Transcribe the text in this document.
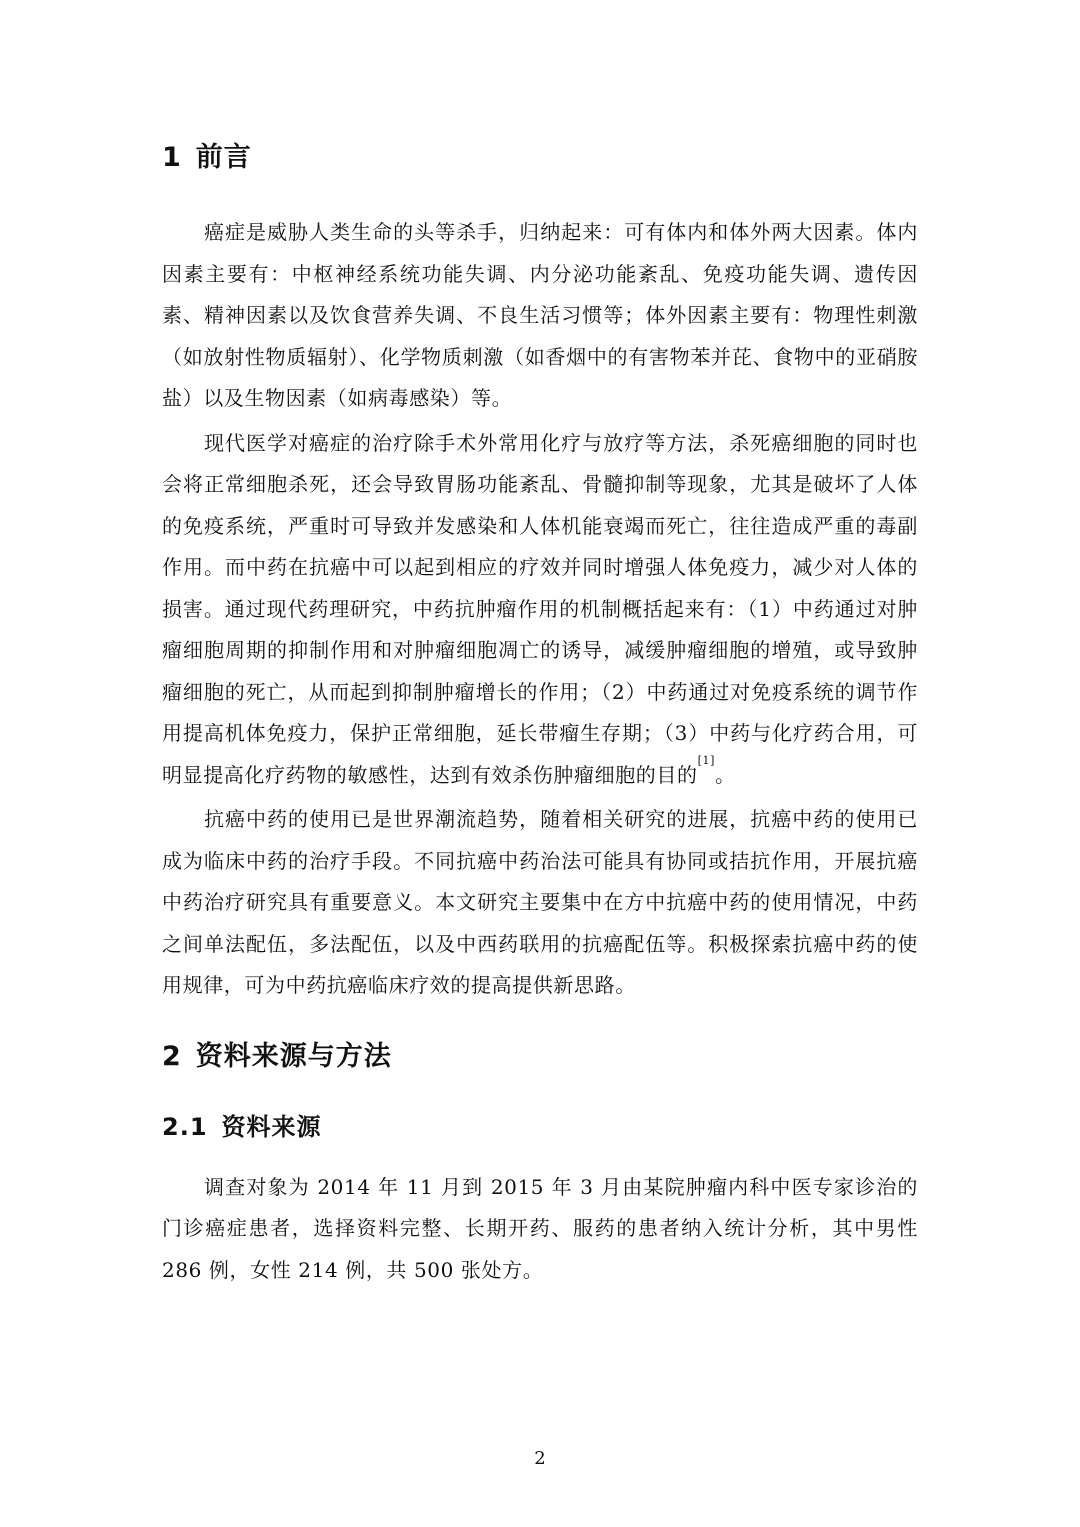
1 前言

癌症是威胁人类生命的头等杀手，归纳起来：可有体内和体外两大因素。体内因素主要有：中枢神经系统功能失调、内分泌功能紊乱、免疫功能失调、遗传因素、精神因素以及饮食营养失调、不良生活习惯等；体外因素主要有：物理性刺激（如放射性物质辐射）、化学物质刺激（如香烟中的有害物苯并芘、食物中的亚硝胺盐）以及生物因素（如病毒感染）等。

现代医学对癌症的治疗除手术外常用化疗与放疗等方法，杀死癌细胞的同时也会将正常细胞杀死，还会导致胃肠功能紊乱、骨髓抑制等现象，尤其是破坏了人体的免疫系统，严重时可导致并发感染和人体机能衰竭而死亡，往往造成严重的毒副作用。而中药在抗癌中可以起到相应的疗效并同时增强人体免疫力，减少对人体的损害。通过现代药理研究，中药抗肿瘤作用的机制概括起来有：（1）中药通过对肿瘤细胞周期的抑制作用和对肿瘤细胞凋亡的诱导，减缓肿瘤细胞的增殖，或导致肿瘤细胞的死亡，从而起到抑制肿瘤增长的作用；（2）中药通过对免疫系统的调节作用提高机体免疫力，保护正常细胞，延长带瘤生存期；（3）中药与化疗药合用，可明显提高化疗药物的敏感性，达到有效杀伤肿瘤细胞的目的[1]。

抗癌中药的使用已是世界潮流趋势，随着相关研究的进展，抗癌中药的使用已成为临床中药的治疗手段。不同抗癌中药治法可能具有协同或拮抗作用，开展抗癌中药治疗研究具有重要意义。本文研究主要集中在方中抗癌中药的使用情况，中药之间单法配伍，多法配伍，以及中西药联用的抗癌配伍等。积极探索抗癌中药的使用规律，可为中药抗癌临床疗效的提高提供新思路。

2 资料来源与方法
2.1 资料来源

调查对象为 2014 年 11 月到 2015 年 3 月由某院肿瘤内科中医专家诊治的门诊癌症患者，选择资料完整、长期开药、服药的患者纳入统计分析，其中男性 286 例，女性 214 例，共 500 张处方。

2
